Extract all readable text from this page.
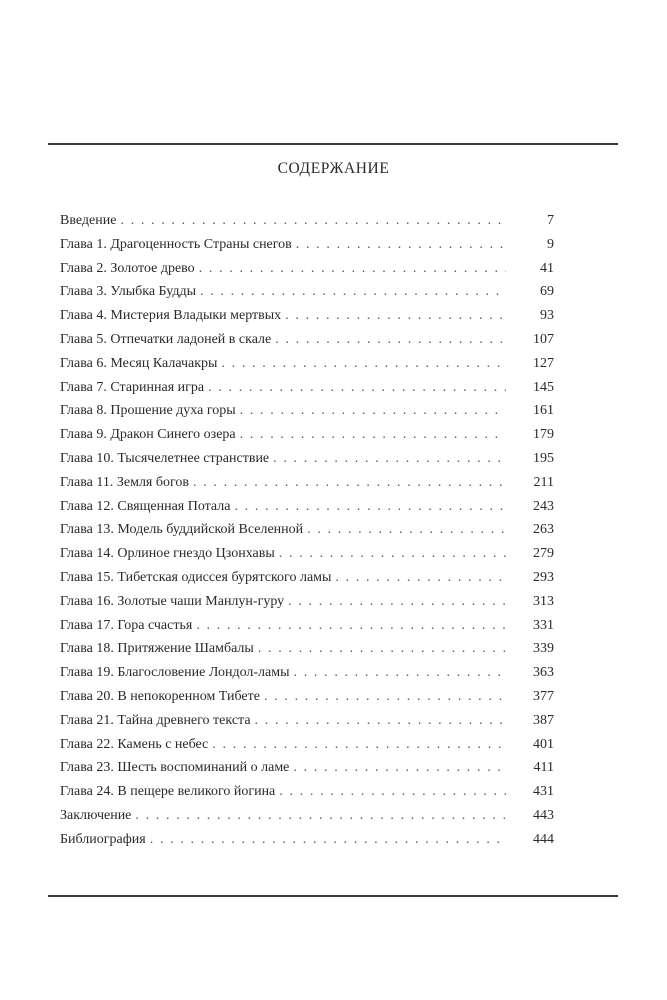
СОДЕРЖАНИЕ
Введение . . .	7
Глава 1. Драгоценность Страны снегов . . .	9
Глава 2. Золотое древо . . .	41
Глава 3. Улыбка Будды . . .	69
Глава 4. Мистерия Владыки мертвых . . .	93
Глава 5. Отпечатки ладоней в скале . . .	107
Глава 6. Месяц Калачакры . . .	127
Глава 7. Старинная игра . . .	145
Глава 8. Прошение духа горы . . .	161
Глава 9. Дракон Синего озера . . .	179
Глава 10. Тысячелетнее странствие . . .	195
Глава 11. Земля богов . . .	211
Глава 12. Священная Потала . . .	243
Глава 13. Модель буддийской Вселенной . . .	263
Глава 14. Орлиное гнездо Цзонхавы . . .	279
Глава 15. Тибетская одиссея бурятского ламы . . .	293
Глава 16. Золотые чаши Манлун-гуру . . .	313
Глава 17. Гора счастья . . .	331
Глава 18. Притяжение Шамбалы . . .	339
Глава 19. Благословение Лондол-ламы . . .	363
Глава 20. В непокоренном Тибете . . .	377
Глава 21. Тайна древнего текста . . .	387
Глава 22. Камень с небес . . .	401
Глава 23. Шесть воспоминаний о ламе . . .	411
Глава 24. В пещере великого йогина . . .	431
Заключение . . .	443
Библиография . . .	444
